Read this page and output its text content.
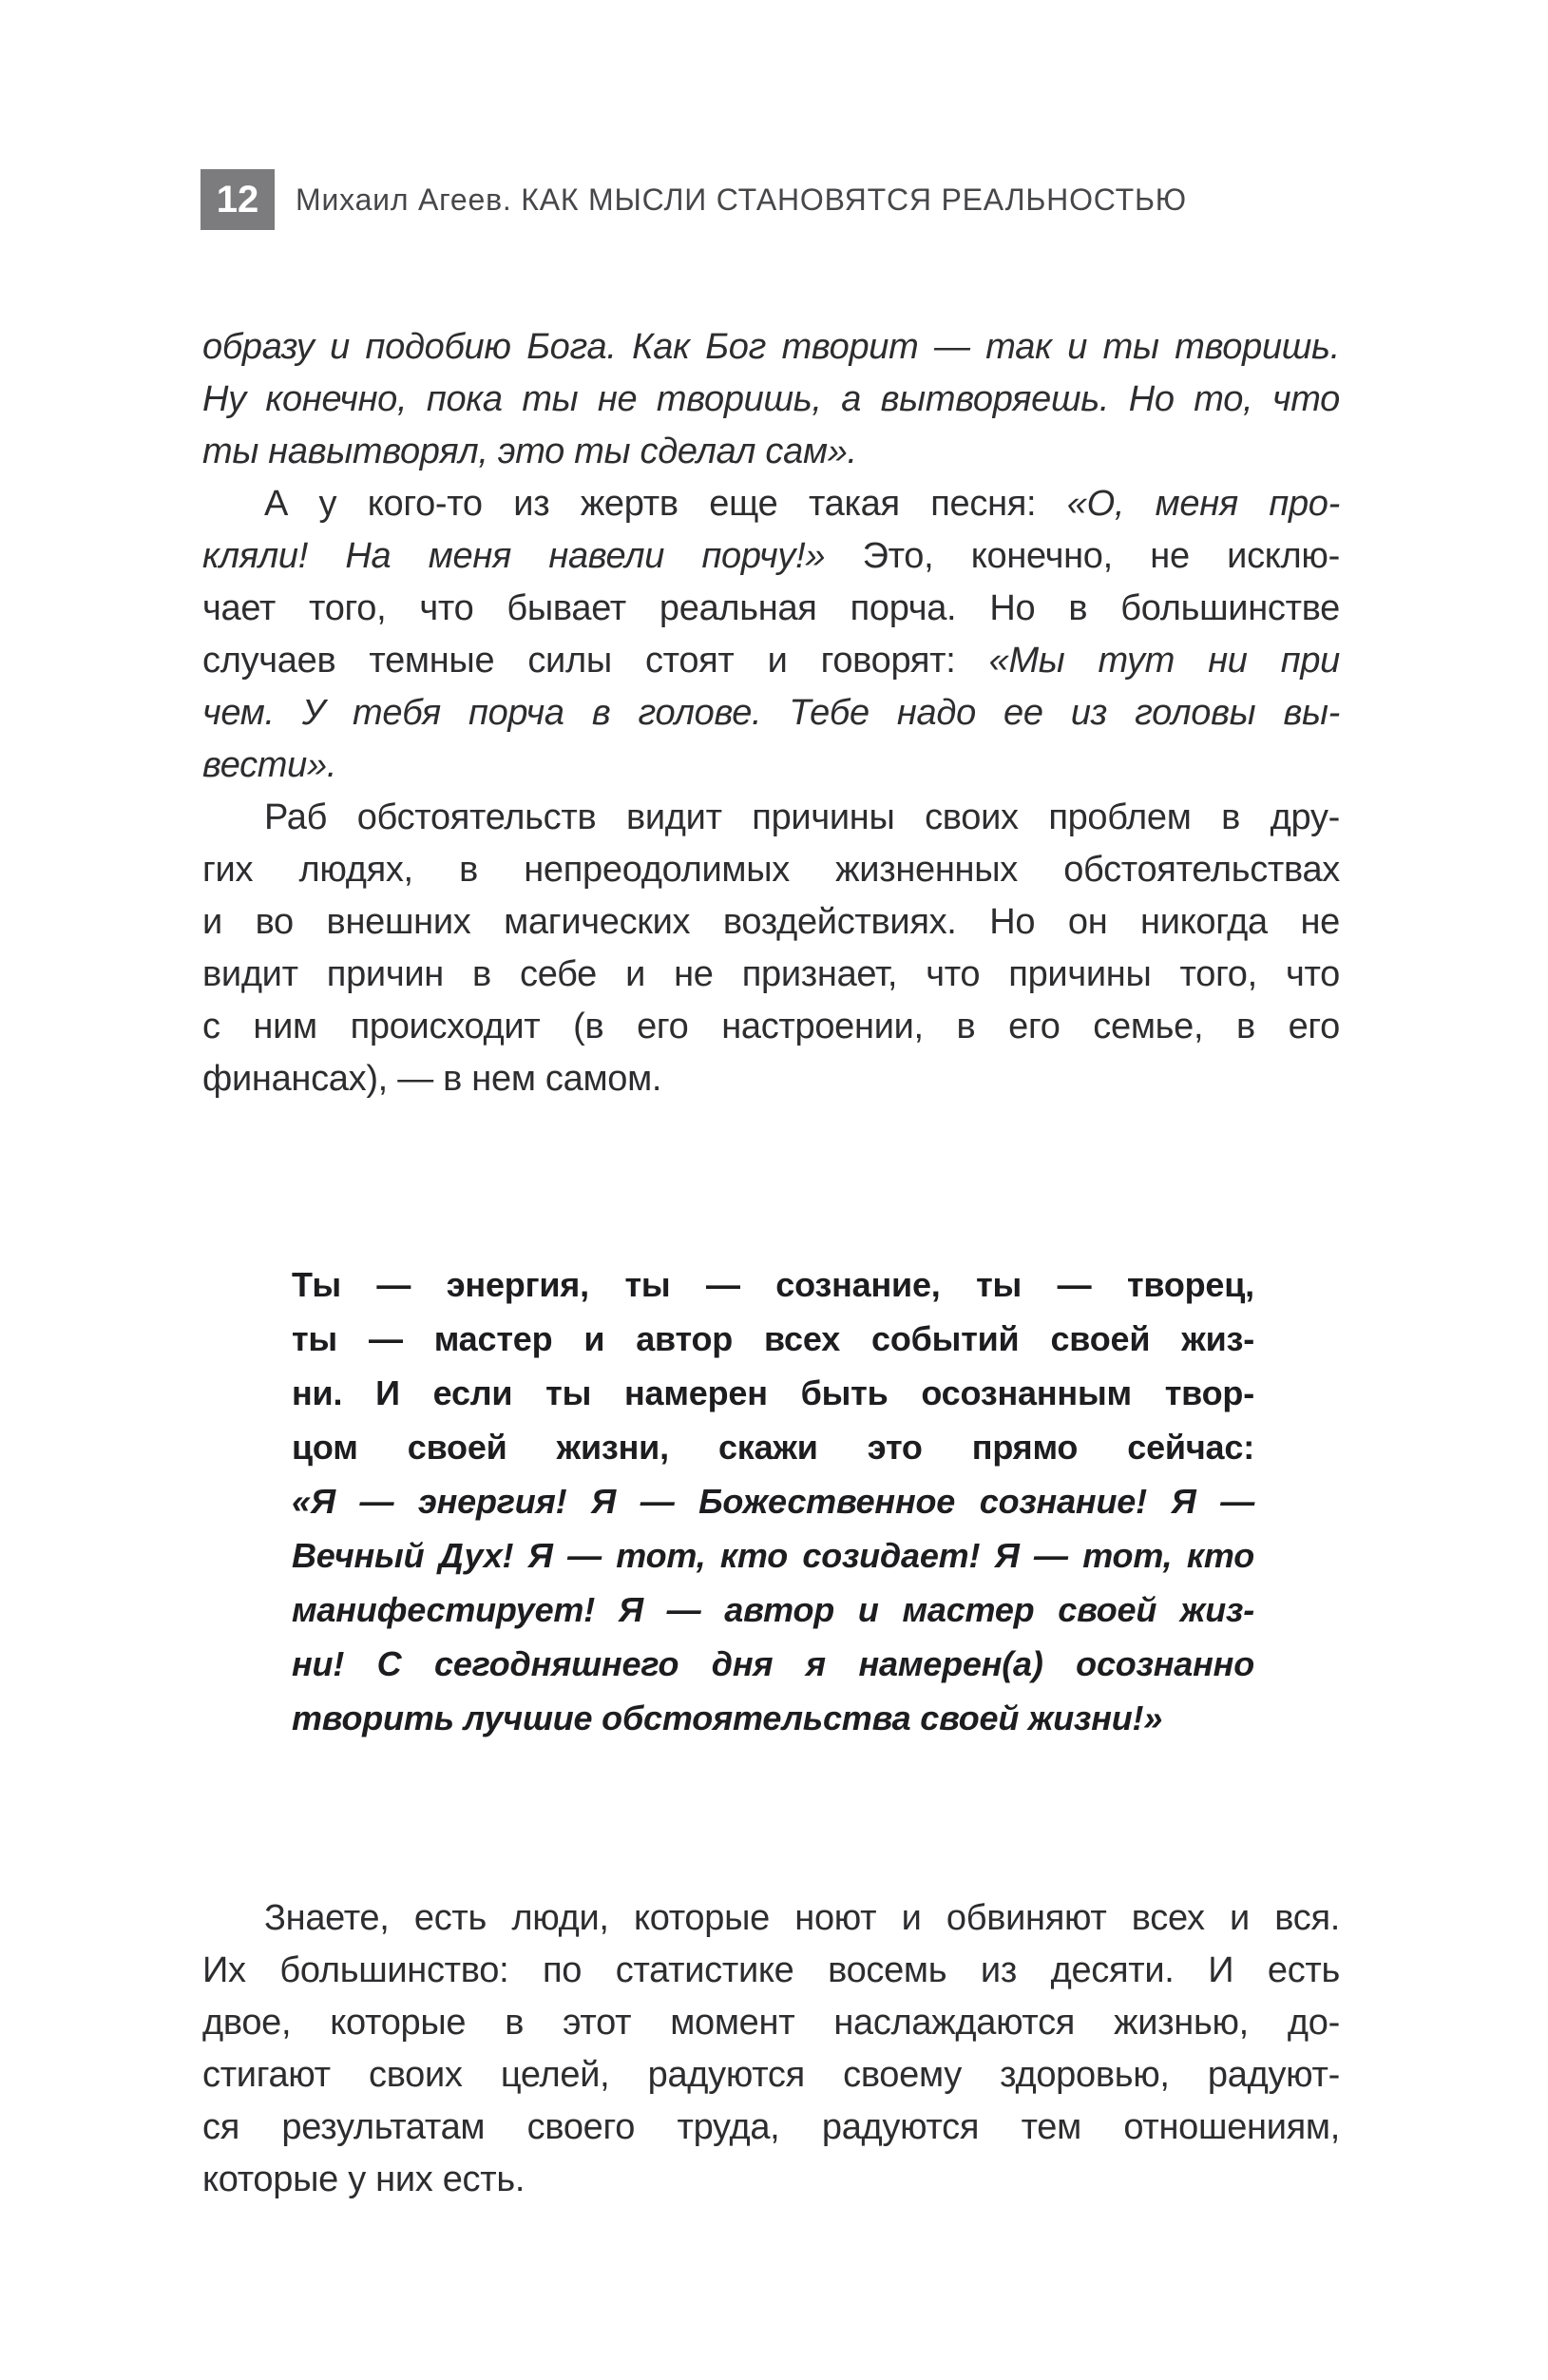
12	Михаил Агеев. КАК МЫСЛИ СТАНОВЯТСЯ РЕАЛЬНОСТЬЮ
образу и подобию Бога. Как Бог творит — так и ты творишь.
Ну конечно, пока ты не творишь, а вытворяешь. Но то, что
ты навытворял, это ты сделал сам».
А у кого-то из жертв еще такая песня: «О, меня про-
кляли! На меня навели порчу!» Это, конечно, не исклю-
чает того, что бывает реальная порча. Но в большинстве
случаев темные силы стоят и говорят: «Мы тут ни при
чем. У тебя порча в голове. Тебе надо ее из головы вы-
вести».
Раб обстоятельств видит причины своих проблем в дру-
гих людях, в непреодолимых жизненных обстоятельствах
и во внешних магических воздействиях. Но он никогда не
видит причин в себе и не признает, что причины того, что
с ним происходит (в его настроении, в его семье, в его
финансах), — в нем самом.
Ты — энергия, ты — сознание, ты — творец,
ты — мастер и автор всех событий своей жиз-
ни. И если ты намерен быть осознанным твор-
цом своей жизни, скажи это прямо сейчас:
«Я — энергия! Я — Божественное сознание! Я —
Вечный Дух! Я — тот, кто созидает! Я — тот, кто
манифестирует! Я — автор и мастер своей жиз-
ни! С сегодняшнего дня я намерен(а) осознанно
творить лучшие обстоятельства своей жизни!»
Знаете, есть люди, которые ноют и обвиняют всех и вся.
Их большинство: по статистике восемь из десяти. И есть
двое, которые в этот момент наслаждаются жизнью, до-
стигают своих целей, радуются своему здоровью, радуют-
ся результатам своего труда, радуются тем отношениям,
которые у них есть.
